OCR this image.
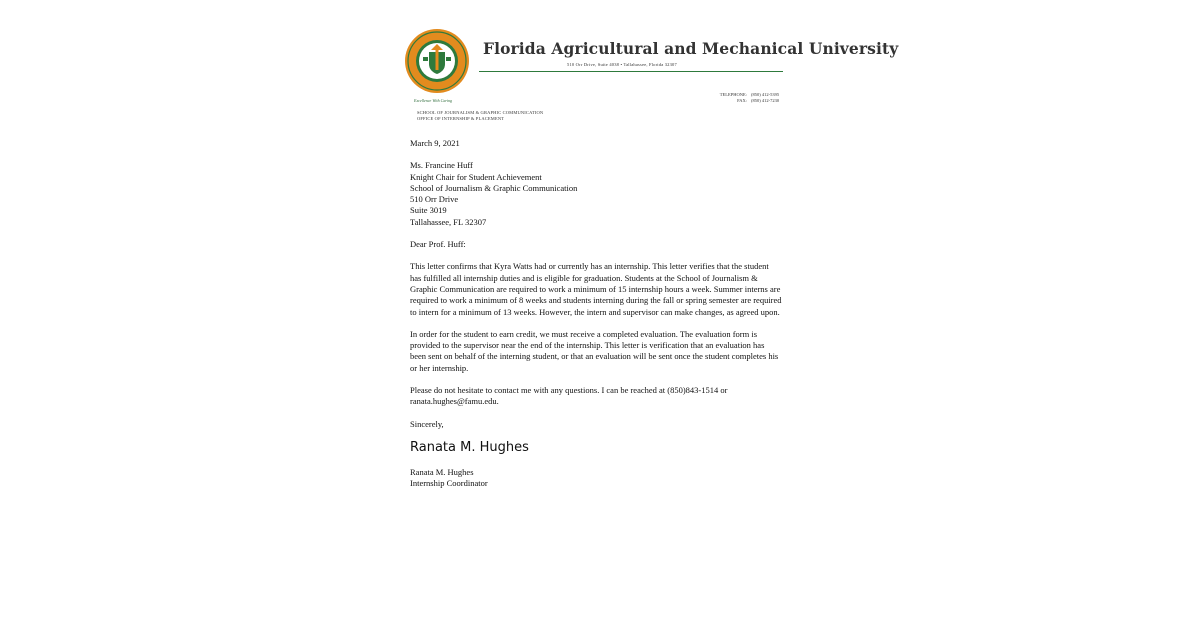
Excellence With Caring
Florida Agricultural and Mechanical University
510 Orr Drive, Suite 4038 • Tallahassee, Florida 32307
TELEPHONE: (850) 412-5395
FAX: (850) 412-7230
SCHOOL OF JOURNALISM & GRAPHIC COMMUNICATION
OFFICE OF INTERNSHIP & PLACEMENT

March 9, 2021

Ms. Francine Huff

Knight Chair for Student Achievement

School of Journalism & Graphic Communication

510 Orr Drive

Suite 3019

Tallahassee, FL 32307

Dear Prof. Huff:

This letter confirms that Kyra Watts had or currently has an internship. This letter verifies that the student has fulfilled all internship duties and is eligible for graduation. Students at the School of Journalism & Graphic Communication are required to work a minimum of 15 internship hours a week. Summer interns are required to work a minimum of 8 weeks and students interning during the fall or spring semester are required to intern for a minimum of 13 weeks. However, the intern and supervisor can make changes, as agreed upon.

In order for the student to earn credit, we must receive a completed evaluation. The evaluation form is provided to the supervisor near the end of the internship. This letter is verification that an evaluation has been sent on behalf of the interning student, or that an evaluation will be sent once the student completes his or her internship.

Please do not hesitate to contact me with any questions. I can be reached at (850)843-1514 or ranata.hughes@famu.edu.

Sincerely,

Ranata M. Hughes

Ranata M. Hughes

Internship Coordinator
